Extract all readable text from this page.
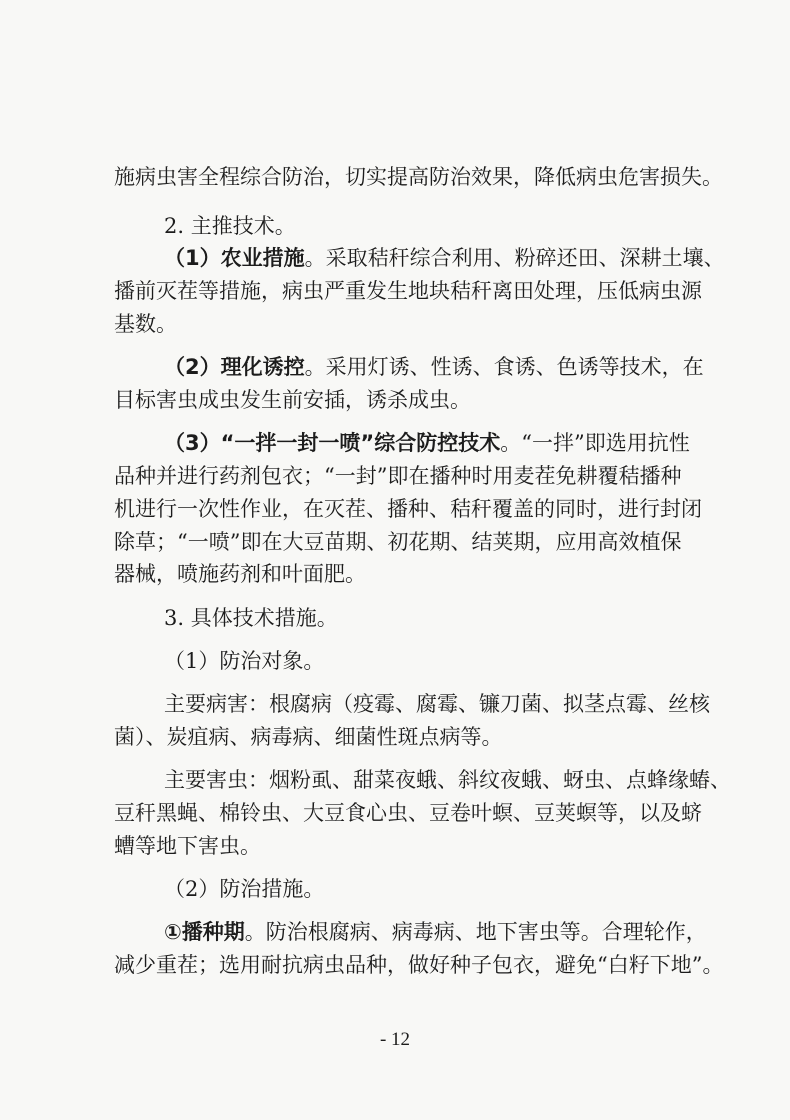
施病虫害全程综合防治，切实提高防治效果，降低病虫危害损失。
2. 主推技术。
（1）农业措施。采取秸秆综合利用、粉碎还田、深耕土壤、
播前灭茬等措施，病虫严重发生地块秸秆离田处理，压低病虫源
基数。
（2）理化诱控。采用灯诱、性诱、食诱、色诱等技术，在
目标害虫成虫发生前安插，诱杀成虫。
（3）“一拌一封一喷”综合防控技术。“一拌”即选用抗性
品种并进行药剂包衣；“一封”即在播种时用麦茬免耕覆秸播种
机进行一次性作业，在灭茬、播种、秸秆覆盖的同时，进行封闭
除草；“一喷”即在大豆苗期、初花期、结荚期，应用高效植保
器械，喷施药剂和叶面肥。
3. 具体技术措施。
（1）防治对象。
主要病害：根腐病（疫霉、腐霉、镰刀菌、拟茎点霉、丝核
菌）、炭疽病、病毒病、细菌性斑点病等。
主要害虫：烟粉虱、甜菜夜蛾、斜纹夜蛾、蚜虫、点蜂缘蝽、
豆秆黑蝇、棉铃虫、大豆食心虫、豆卷叶螟、豆荚螟等，以及蛴
螬等地下害虫。
（2）防治措施。
①播种期。防治根腐病、病毒病、地下害虫等。合理轮作，
减少重茬；选用耐抗病虫品种，做好种子包衣，避免“白籽下地”。
- 12
